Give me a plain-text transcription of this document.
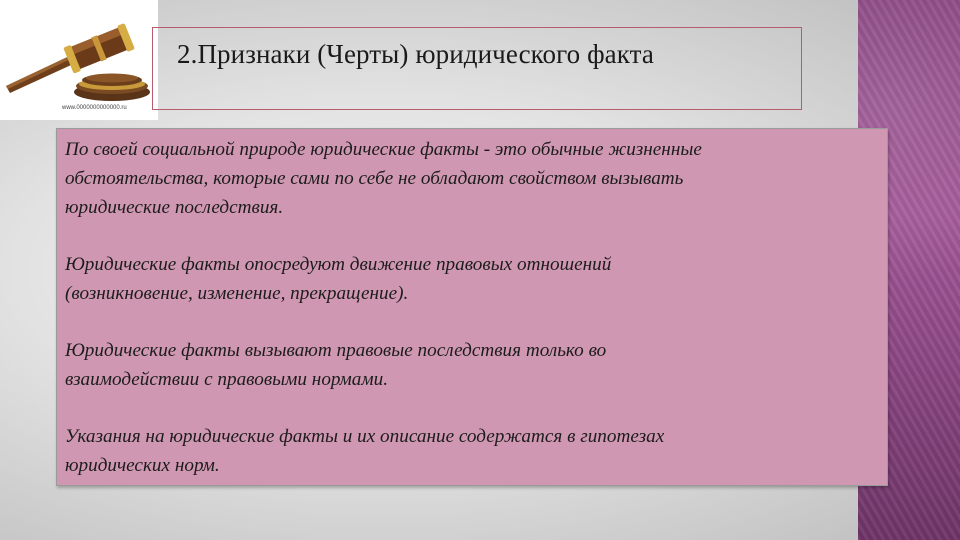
www.0000000000000.ru
2.Признаки (Черты) юридического факта

По своей социальной природе юридические факты - это обычные жизненные
обстоятельства, которые сами по себе не обладают свойством вызывать
юридические последствия.

Юридические факты опосредуют движение правовых отношений
(возникновение, изменение, прекращение).

Юридические факты вызывают правовые последствия только во
взаимодействии с правовыми нормами.

Указания на юридические факты и их описание содержатся в гипотезах
юридических норм.
